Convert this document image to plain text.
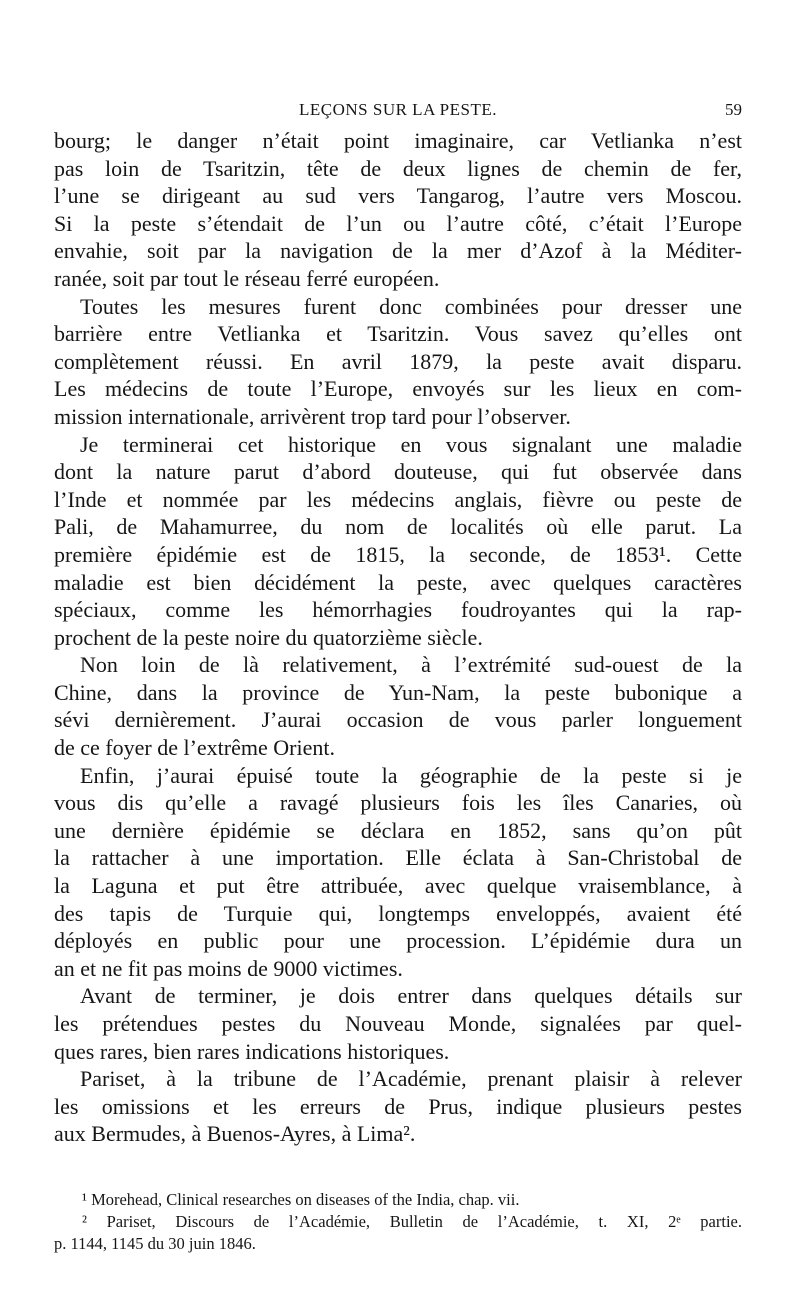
LEÇONS SUR LA PESTE.	59
bourg; le danger n’était point imaginaire, car Vetlianka n’est
pas loin de Tsaritzin, tête de deux lignes de chemin de fer,
l’une se dirigeant au sud vers Tangarog, l’autre vers Moscou.
Si la peste s’étendait de l’un ou l’autre côté, c’était l’Europe
envahie, soit par la navigation de la mer d’Azof à la Méditer-
ranée, soit par tout le réseau ferré européen.
Toutes les mesures furent donc combinées pour dresser une
barrière entre Vetlianka et Tsaritzin. Vous savez qu’elles ont
complètement réussi. En avril 1879, la peste avait disparu.
Les médecins de toute l’Europe, envoyés sur les lieux en com-
mission internationale, arrivèrent trop tard pour l’observer.
Je terminerai cet historique en vous signalant une maladie
dont la nature parut d’abord douteuse, qui fut observée dans
l’Inde et nommée par les médecins anglais, fièvre ou peste de
Pali, de Mahamurree, du nom de localités où elle parut. La
première épidémie est de 1815, la seconde, de 1853¹. Cette
maladie est bien décidément la peste, avec quelques caractères
spéciaux, comme les hémorrhagies foudroyantes qui la rap-
prochent de la peste noire du quatorzième siècle.
Non loin de là relativement, à l’extrémité sud-ouest de la
Chine, dans la province de Yun-Nam, la peste bubonique a
sévi dernièrement. J’aurai occasion de vous parler longuement
de ce foyer de l’extrême Orient.
Enfin, j’aurai épuisé toute la géographie de la peste si je
vous dis qu’elle a ravagé plusieurs fois les îles Canaries, où
une dernière épidémie se déclara en 1852, sans qu’on pût
la rattacher à une importation. Elle éclata à San-Christobal de
la Laguna et put être attribuée, avec quelque vraisemblance, à
des tapis de Turquie qui, longtemps enveloppés, avaient été
déployés en public pour une procession. L’épidémie dura un
an et ne fit pas moins de 9000 victimes.
Avant de terminer, je dois entrer dans quelques détails sur
les prétendues pestes du Nouveau Monde, signalées par quel-
ques rares, bien rares indications historiques.
Pariset, à la tribune de l’Académie, prenant plaisir à relever
les omissions et les erreurs de Prus, indique plusieurs pestes
aux Bermudes, à Buenos-Ayres, à Lima².
¹ Morehead, Clinical researches on diseases of the India, chap. vii.
² Pariset, Discours de l’Académie, Bulletin de l’Académie, t. XI, 2ᵉ partie.
p. 1144, 1145 du 30 juin 1846.
